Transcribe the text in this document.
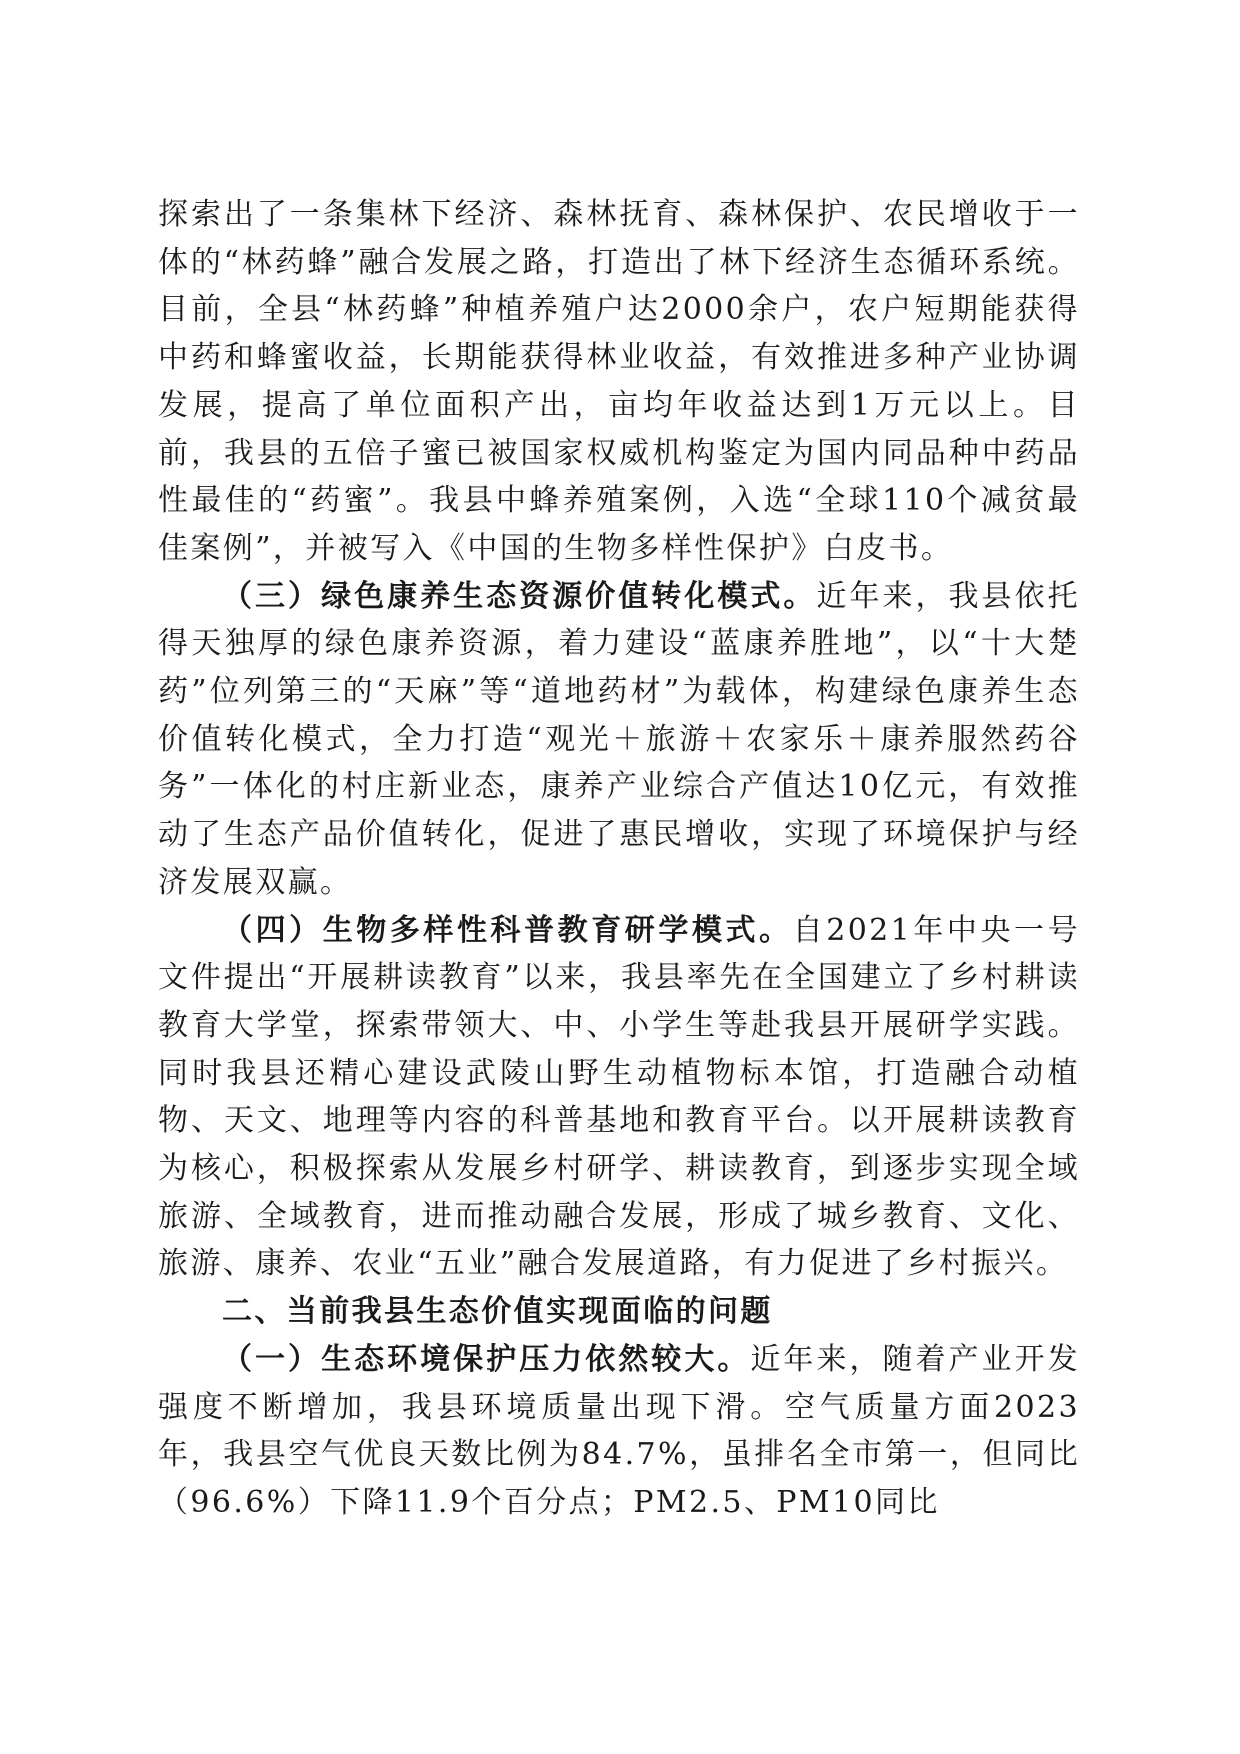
探索出了一条集林下经济、森林抚育、森林保护、农民增收于一体的“林药蜂”融合发展之路，打造出了林下经济生态循环系统。目前，全县“林药蜂”种植养殖户达2000余户，农户短期能获得中药和蜂蜜收益，长期能获得林业收益，有效推进多种产业协调发展，提高了单位面积产出，亩均年收益达到1万元以上。目前，我县的五倍子蜜已被国家权威机构鉴定为国内同品种中药品性最佳的“药蜜”。我县中蜂养殖案例，入选“全球110个减贫最佳案例”，并被写入《中国的生物多样性保护》白皮书。

（三）绿色康养生态资源价值转化模式。近年来，我县依托得天独厚的绿色康养资源，着力建设“蓝康养胜地”，以“十大楚药”位列第三的“天麻”等“道地药材”为载体，构建绿色康养生态价值转化模式，全力打造“观光＋旅游＋农家乐＋康养服然药谷务”一体化的村庄新业态，康养产业综合产值达10亿元，有效推动了生态产品价值转化，促进了惠民增收，实现了环境保护与经济发展双赢。

（四）生物多样性科普教育研学模式。自2021年中央一号文件提出“开展耕读教育”以来，我县率先在全国建立了乡村耕读教育大学堂，探索带领大、中、小学生等赴我县开展研学实践。同时我县还精心建设武陵山野生动植物标本馆，打造融合动植物、天文、地理等内容的科普基地和教育平台。以开展耕读教育为核心，积极探索从发展乡村研学、耕读教育，到逐步实现全域旅游、全域教育，进而推动融合发展，形成了城乡教育、文化、旅游、康养、农业“五业”融合发展道路，有力促进了乡村振兴。

二、当前我县生态价值实现面临的问题

（一）生态环境保护压力依然较大。近年来，随着产业开发强度不断增加，我县环境质量出现下滑。空气质量方面2023年，我县空气优良天数比例为84.7%，虽排名全市第一，但同比（96.6%）下降11.9个百分点；PM2.5、PM10同比
